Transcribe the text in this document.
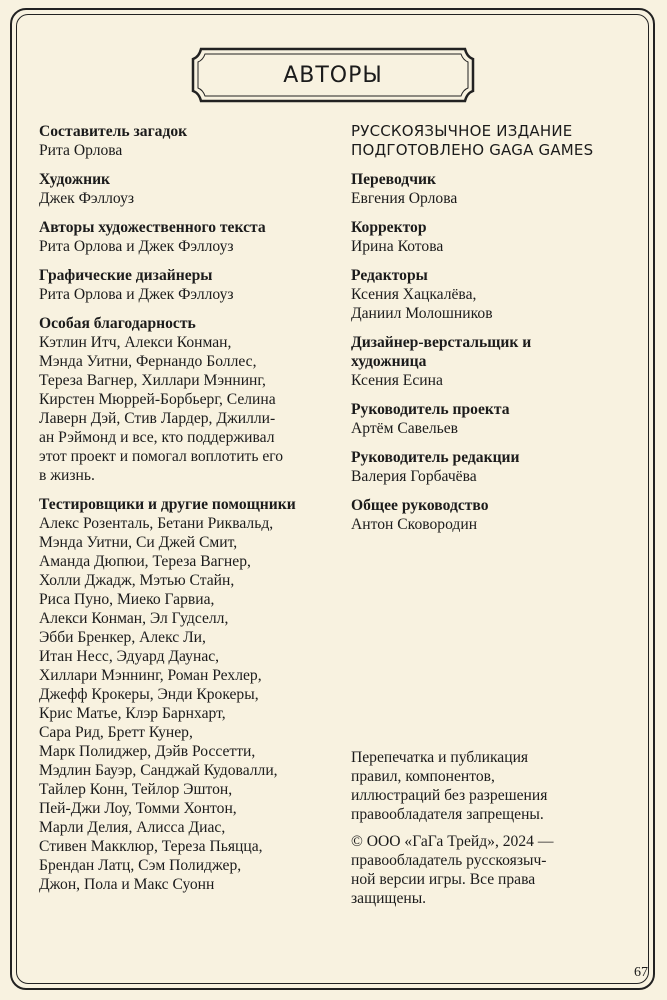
АВТОРЫ
Составитель загадок
Рита Орлова
Художник
Джек Фэллоуз
Авторы художественного текста
Рита Орлова и Джек Фэллоуз
Графические дизайнеры
Рита Орлова и Джек Фэллоуз
Особая благодарность
Кэтлин Итч, Алекси Конман,
Мэнда Уитни, Фернандо Боллес,
Тереза Вагнер, Хиллари Мэннинг,
Кирстен Мюррей-Борбьерг, Селина
Лаверн Дэй, Стив Лардер, Джилли-
ан Рэймонд и все, кто поддерживал
этот проект и помогал воплотить его
в жизнь.
Тестировщики и другие помощники
Алекс Розенталь, Бетани Риквальд,
Мэнда Уитни, Си Джей Смит,
Аманда Дюпюи, Тереза Вагнер,
Холли Джадж, Мэтью Стайн,
Риса Пуно, Миеко Гарвиа,
Алекси Конман, Эл Гудселл,
Эбби Бренкер, Алекс Ли,
Итан Несс, Эдуард Даунас,
Хиллари Мэннинг, Роман Рехлер,
Джефф Крокеры, Энди Крокеры,
Крис Матье, Клэр Барнхарт,
Сара Рид, Бретт Кунер,
Марк Полиджер, Дэйв Россетти,
Мэдлин Бауэр, Санджай Кудовалли,
Тайлер Конн, Тейлор Эштон,
Пей-Джи Лоу, Томми Хонтон,
Марли Делия, Алисса Диас,
Стивен Макклюр, Тереза Пьяцца,
Брендан Латц, Сэм Полиджер,
Джон, Пола и Макс Суонн
РУССКОЯЗЫЧНОЕ ИЗДАНИЕ
ПОДГОТОВЛЕНО GAGA GAMES
Переводчик
Евгения Орлова
Корректор
Ирина Котова
Редакторы
Ксения Хацкалёва,
Даниил Молошников
Дизайнер-верстальщик и художница
Ксения Есина
Руководитель проекта
Артём Савельев
Руководитель редакции
Валерия Горбачёва
Общее руководство
Антон Сковородин
Перепечатка и публикация
правил, компонентов,
иллюстраций без разрешения
правообладателя запрещены.
© ООО «ГаГа Трейд», 2024 —
правообладатель русскоязыч-
ной версии игры. Все права
защищены.
67
